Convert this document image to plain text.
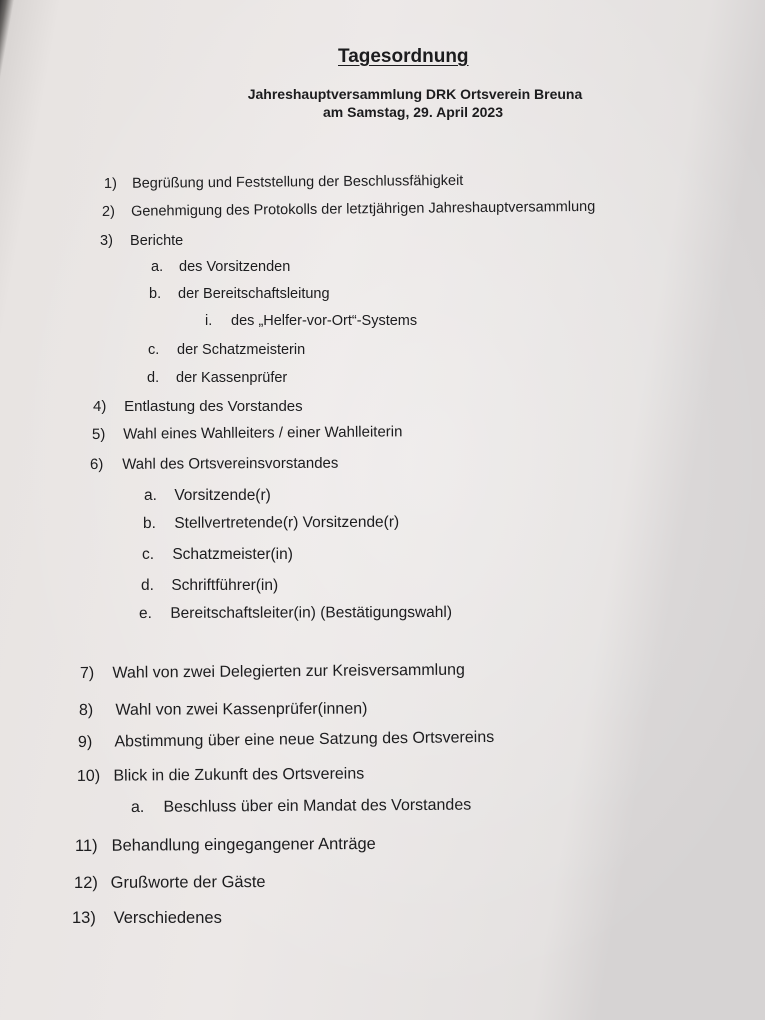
Tagesordnung
Jahreshauptversammlung DRK Ortsverein Breuna
am Samstag, 29. April 2023
1) Begrüßung und Feststellung der Beschlussfähigkeit
2) Genehmigung des Protokolls der letztjährigen Jahreshauptversammlung
3) Berichte
a. des Vorsitzenden
b. der Bereitschaftsleitung
i. des „Helfer-vor-Ort“-Systems
c. der Schatzmeisterin
d. der Kassenprüfer
4) Entlastung des Vorstandes
5) Wahl eines Wahlleiters / einer Wahlleiterin
6) Wahl des Ortsvereinsvorstandes
a. Vorsitzende(r)
b. Stellvertretende(r) Vorsitzende(r)
c. Schatzmeister(in)
d. Schriftführer(in)
e. Bereitschaftsleiter(in) (Bestätigungswahl)
7) Wahl von zwei Delegierten zur Kreisversammlung
8) Wahl von zwei Kassenprüfer(innen)
9) Abstimmung über eine neue Satzung des Ortsvereins
10) Blick in die Zukunft des Ortsvereins
a. Beschluss über ein Mandat des Vorstandes
11) Behandlung eingegangener Anträge
12) Grußworte der Gäste
13) Verschiedenes
